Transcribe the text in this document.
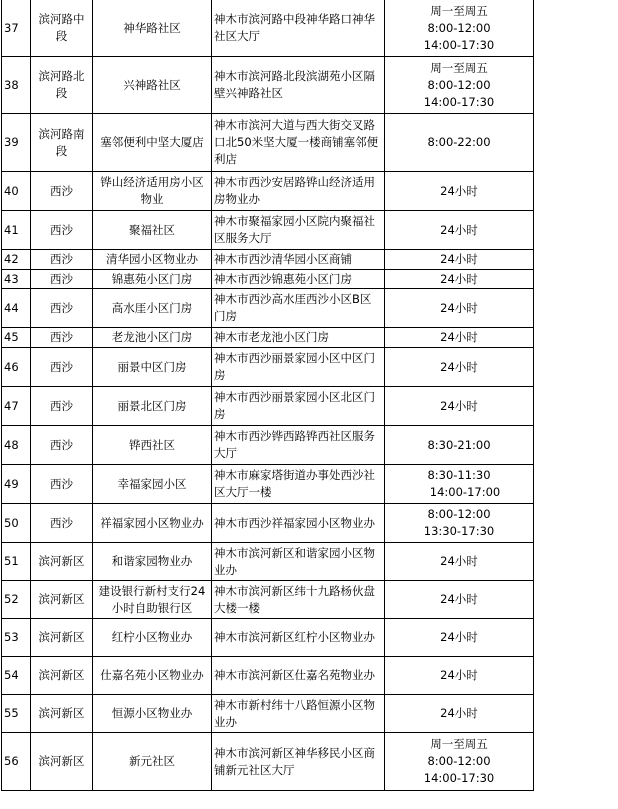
37	滨河路中段	神华路社区	神木市滨河路中段神华路口神华社区大厅	周一至周五
8:00-12:00
14:00-17:30

38	滨河路北段	兴神路社区	神木市滨河路北段滨湖苑小区隔壁兴神路社区	周一至周五
8:00-12:00
14:00-17:30

39	滨河路南段	塞邻便利中坚大厦店	神木市滨河大道与西大街交叉路口北50米坚大厦一楼商铺塞邻便利店	8:00-22:00

40	西沙	铧山经济适用房小区物业	神木市西沙安居路铧山经济适用房物业办	24小时

41	西沙	聚福社区	神木市聚福家园小区院内聚福社区服务大厅	24小时

42	西沙	清华园小区物业办	神木市西沙清华园小区商铺	24小时

43	西沙	锦惠苑小区门房	神木市西沙锦惠苑小区门房	24小时

44	西沙	高水厓小区门房	神木市西沙高水厓西沙小区B区门房	24小时

45	西沙	老龙池小区门房	神木市老龙池小区门房	24小时

46	西沙	丽景中区门房	神木市西沙丽景家园小区中区门房	24小时

47	西沙	丽景北区门房	神木市西沙丽景家园小区北区门房	24小时

48	西沙	铧西社区	神木市西沙铧西路铧西社区服务大厅	8:30-21:00

49	西沙	幸福家园小区	神木市麻家塔街道办事处西沙社区大厅一楼	8:30-11:30
14:00-17:00

50	西沙	祥福家园小区物业办	神木市西沙祥福家园小区物业办	8:00-12:00
13:30-17:30

51	滨河新区	和谐家园物业办	神木市滨河新区和谐家园小区物业办	24小时

52	滨河新区	建设银行新村支行24小时自助银行区	神木市滨河新区纬十九路杨伙盘大楼一楼	24小时

53	滨河新区	红柠小区物业办	神木市滨河新区红柠小区物业办	24小时

54	滨河新区	仕嘉名苑小区物业办	神木市滨河新区仕嘉名苑物业办	24小时

55	滨河新区	恒源小区物业办	神木市新村纬十八路恒源小区物业办	24小时

56	滨河新区	新元社区	神木市滨河新区神华移民小区商铺新元社区大厅	周一至周五
8:00-12:00
14:00-17:30
